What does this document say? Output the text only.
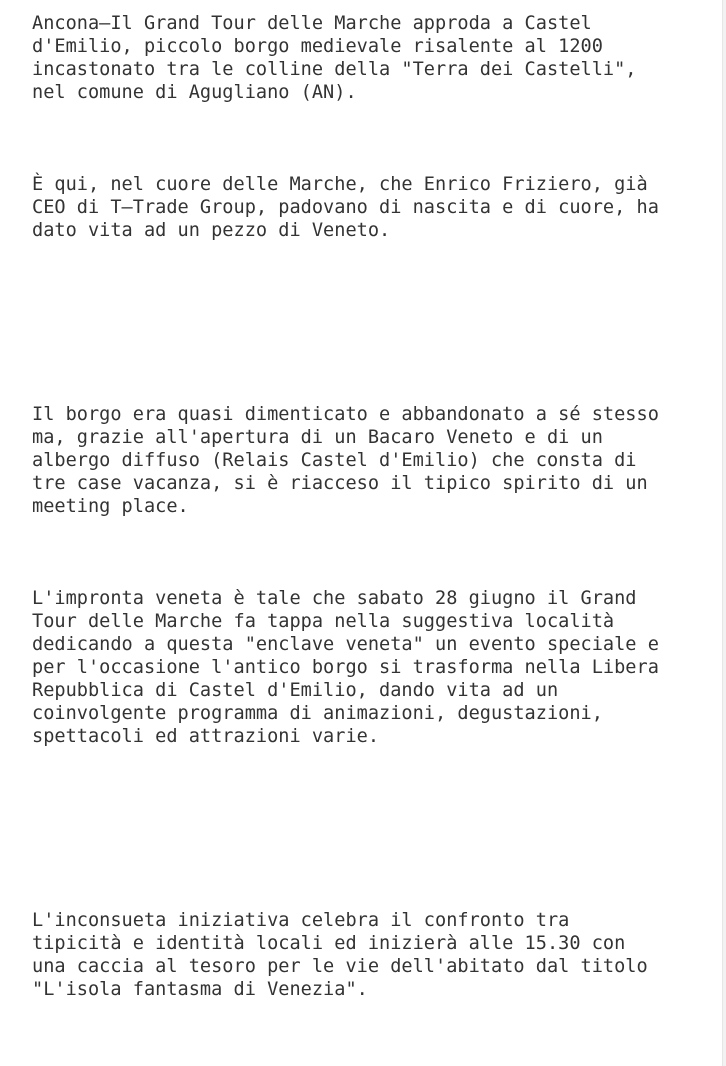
Ancona—Il Grand Tour delle Marche approda a Castel
d'Emilio, piccolo borgo medievale risalente al 1200
incastonato tra le colline della "Terra dei Castelli",
nel comune di Agugliano (AN).

È qui, nel cuore delle Marche, che Enrico Friziero, già
CEO di T–Trade Group, padovano di nascita e di cuore, ha
dato vita ad un pezzo di Veneto.

Il borgo era quasi dimenticato e abbandonato a sé stesso
ma, grazie all'apertura di un Bacaro Veneto e di un
albergo diffuso (Relais Castel d'Emilio) che consta di
tre case vacanza, si è riacceso il tipico spirito di un
meeting place.

L'impronta veneta è tale che sabato 28 giugno il Grand
Tour delle Marche fa tappa nella suggestiva località
dedicando a questa "enclave veneta" un evento speciale e
per l'occasione l'antico borgo si trasforma nella Libera
Repubblica di Castel d'Emilio, dando vita ad un
coinvolgente programma di animazioni, degustazioni,
spettacoli ed attrazioni varie.

L'inconsueta iniziativa celebra il confronto tra
tipicità e identità locali ed inizierà alle 15.30 con
una caccia al tesoro per le vie dell'abitato dal titolo
"L'isola fantasma di Venezia".
